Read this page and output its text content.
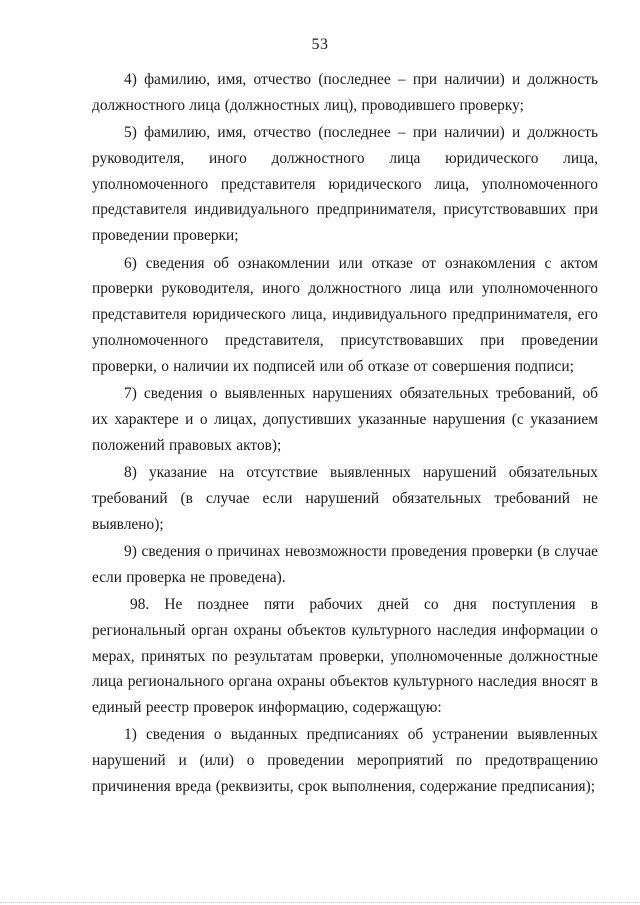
53

4) фамилию, имя, отчество (последнее – при наличии) и должность должностного лица (должностных лиц), проводившего проверку;

5) фамилию, имя, отчество (последнее – при наличии) и должность руководителя, иного должностного лица юридического лица, уполномоченного представителя юридического лица, уполномоченного представителя индивидуального предпринимателя, присутствовавших при проведении проверки;

6) сведения об ознакомлении или отказе от ознакомления с актом проверки руководителя, иного должностного лица или уполномоченного представителя юридического лица, индивидуального предпринимателя, его уполномоченного представителя, присутствовавших при проведении проверки, о наличии их подписей или об отказе от совершения подписи;

7) сведения о выявленных нарушениях обязательных требований, об их характере и о лицах, допустивших указанные нарушения (с указанием положений правовых актов);

8) указание на отсутствие выявленных нарушений обязательных требований (в случае если нарушений обязательных требований не выявлено);

9) сведения о причинах невозможности проведения проверки (в случае если проверка не проведена).

98. Не позднее пяти рабочих дней со дня поступления в региональный орган охраны объектов культурного наследия информации о мерах, принятых по результатам проверки, уполномоченные должностные лица регионального органа охраны объектов культурного наследия вносят в единый реестр проверок информацию, содержащую:

1) сведения о выданных предписаниях об устранении выявленных нарушений и (или) о проведении мероприятий по предотвращению причинения вреда (реквизиты, срок выполнения, содержание предписания);
